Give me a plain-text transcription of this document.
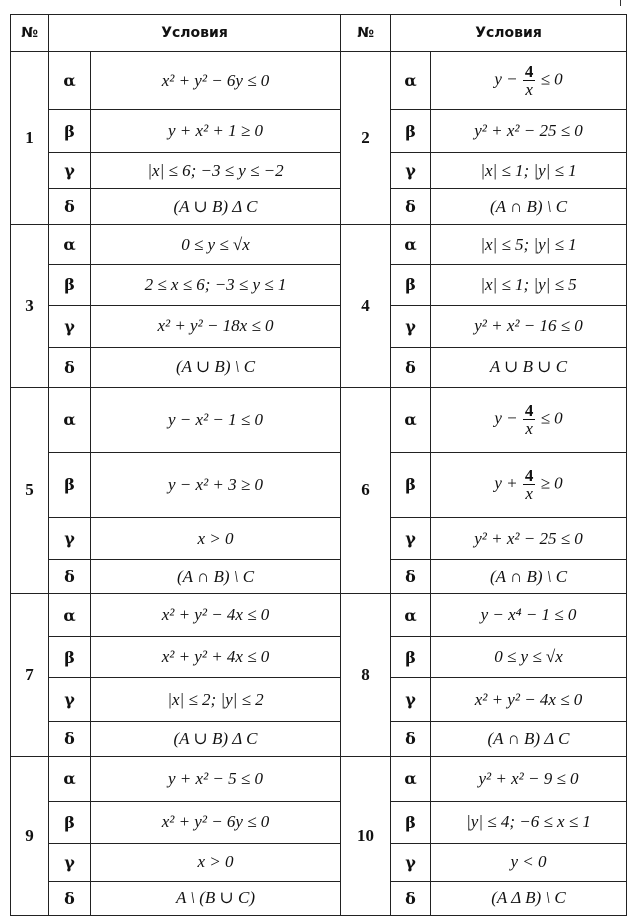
№	Условия		№	Условия	
1	α	x² + y² − 6y ≤ 0	2	α	$y - \frac{4}{x} \le 0$
	β	y + x² + 1 ≥ 0		β	y² + x² − 25 ≤ 0
	γ	|x| ≤ 6; −3 ≤ y ≤ −2		γ	|x| ≤ 1; |y| ≤ 1
	δ	(A ∪ B) Δ C		δ	(A ∩ B) \ C
3	α	0 ≤ y ≤ √x	4	α	|x| ≤ 5; |y| ≤ 1
	β	2 ≤ x ≤ 6; −3 ≤ y ≤ 1		β	|x| ≤ 1; |y| ≤ 5
	γ	x² + y² − 18x ≤ 0		γ	y² + x² − 16 ≤ 0
	δ	(A ∪ B) \ C		δ	A ∪ B ∪ C
5	α	y − x² − 1 ≤ 0	6	α	$y - \frac{4}{x} \le 0$
	β	y − x² + 3 ≥ 0		β	$y + \frac{4}{x} \ge 0$
	γ	x > 0		γ	y² + x² − 25 ≤ 0
	δ	(A ∩ B) \ C		δ	(A ∩ B) \ C
7	α	x² + y² − 4x ≤ 0	8	α	y − x⁴ − 1 ≤ 0
	β	x² + y² + 4x ≤ 0		β	0 ≤ y ≤ √x
	γ	|x| ≤ 2; |y| ≤ 2		γ	x² + y² − 4x ≤ 0
	δ	(A ∪ B) Δ C		δ	(A ∩ B) Δ C
9	α	y + x² − 5 ≤ 0	10	α	y² + x² − 9 ≤ 0
	β	x² + y² − 6y ≤ 0		β	|y| ≤ 4; −6 ≤ x ≤ 1
	γ	x > 0		γ	y < 0
	δ	A \ (B ∪ C)		δ	(A Δ B) \ C
